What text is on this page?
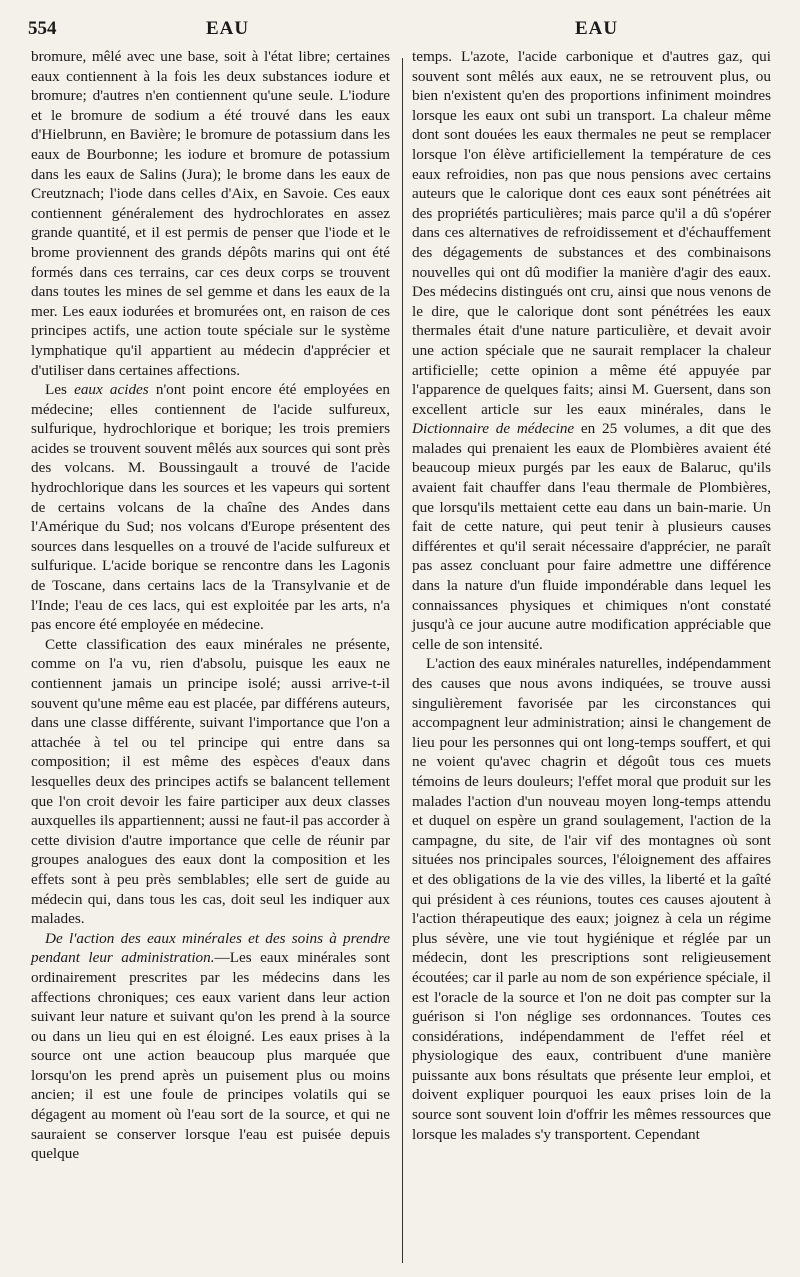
554	EAU	EAU

bromure, mêlé avec une base, soit à l'état libre; certaines eaux contiennent à la fois les deux substances iodure et bromure; d'autres n'en contiennent qu'une seule. L'iodure et le bromure de sodium a été trouvé dans les eaux d'Hielbrunn, en Bavière; le bromure de potassium dans les eaux de Bourbonne; les iodure et bromure de potassium dans les eaux de Salins (Jura); le brome dans les eaux de Creutznach; l'iode dans celles d'Aix, en Savoie. Ces eaux contiennent généralement des hydrochlorates en assez grande quantité, et il est permis de penser que l'iode et le brome proviennent des grands dépôts marins qui ont été formés dans ces terrains, car ces deux corps se trouvent dans toutes les mines de sel gemme et dans les eaux de la mer. Les eaux iodurées et bromurées ont, en raison de ces principes actifs, une action toute spéciale sur le système lymphatique qu'il appartient au médecin d'apprécier et d'utiliser dans certaines affections.

Les eaux acides n'ont point encore été employées en médecine; elles contiennent de l'acide sulfureux, sulfurique, hydrochlorique et borique; les trois premiers acides se trouvent souvent mêlés aux sources qui sont près des volcans. M. Boussingault a trouvé de l'acide hydrochlorique dans les sources et les vapeurs qui sortent de certains volcans de la chaîne des Andes dans l'Amérique du Sud; nos volcans d'Europe présentent des sources dans lesquelles on a trouvé de l'acide sulfureux et sulfurique. L'acide borique se rencontre dans les Lagonis de Toscane, dans certains lacs de la Transylvanie et de l'Inde; l'eau de ces lacs, qui est exploitée par les arts, n'a pas encore été employée en médecine.

Cette classification des eaux minérales ne présente, comme on l'a vu, rien d'absolu, puisque les eaux ne contiennent jamais un principe isolé; aussi arrive-t-il souvent qu'une même eau est placée, par différens auteurs, dans une classe différente, suivant l'importance que l'on a attachée à tel ou tel principe qui entre dans sa composition; il est même des espèces d'eaux dans lesquelles deux des principes actifs se balancent tellement que l'on croit devoir les faire participer aux deux classes auxquelles ils appartiennent; aussi ne faut-il pas accorder à cette division d'autre importance que celle de réunir par groupes analogues des eaux dont la composition et les effets sont à peu près semblables; elle sert de guide au médecin qui, dans tous les cas, doit seul les indiquer aux malades.

De l'action des eaux minérales et des soins à prendre pendant leur administration.—Les eaux minérales sont ordinairement prescrites par les médecins dans les affections chroniques; ces eaux varient dans leur action suivant leur nature et suivant qu'on les prend à la source ou dans un lieu qui en est éloigné. Les eaux prises à la source ont une action beaucoup plus marquée que lorsqu'on les prend après un puisement plus ou moins ancien; il est une foule de principes volatils qui se dégagent au moment où l'eau sort de la source, et qui ne sauraient se conserver lorsque l'eau est puisée depuis quelque

temps. L'azote, l'acide carbonique et d'autres gaz, qui souvent sont mêlés aux eaux, ne se retrouvent plus, ou bien n'existent qu'en des proportions infiniment moindres lorsque les eaux ont subi un transport. La chaleur même dont sont douées les eaux thermales ne peut se remplacer lorsque l'on élève artificiellement la température de ces eaux refroidies, non pas que nous pensions avec certains auteurs que le calorique dont ces eaux sont pénétrées ait des propriétés particulières; mais parce qu'il a dû s'opérer dans ces alternatives de refroidissement et d'échauffement des dégagements de substances et des combinaisons nouvelles qui ont dû modifier la manière d'agir des eaux. Des médecins distingués ont cru, ainsi que nous venons de le dire, que le calorique dont sont pénétrées les eaux thermales était d'une nature particulière, et devait avoir une action spéciale que ne saurait remplacer la chaleur artificielle; cette opinion a même été appuyée par l'apparence de quelques faits; ainsi M. Guersent, dans son excellent article sur les eaux minérales, dans le Dictionnaire de médecine en 25 volumes, a dit que des malades qui prenaient les eaux de Plombières avaient été beaucoup mieux purgés par les eaux de Balaruc, qu'ils avaient fait chauffer dans l'eau thermale de Plombières, que lorsqu'ils mettaient cette eau dans un bain-marie. Un fait de cette nature, qui peut tenir à plusieurs causes différentes et qu'il serait nécessaire d'apprécier, ne paraît pas assez concluant pour faire admettre une différence dans la nature d'un fluide impondérable dans lequel les connaissances physiques et chimiques n'ont constaté jusqu'à ce jour aucune autre modification appréciable que celle de son intensité.

L'action des eaux minérales naturelles, indépendamment des causes que nous avons indiquées, se trouve aussi singulièrement favorisée par les circonstances qui accompagnent leur administration; ainsi le changement de lieu pour les personnes qui ont long-temps souffert, et qui ne voient qu'avec chagrin et dégoût tous ces muets témoins de leurs douleurs; l'effet moral que produit sur les malades l'action d'un nouveau moyen long-temps attendu et duquel on espère un grand soulagement, l'action de la campagne, du site, de l'air vif des montagnes où sont situées nos principales sources, l'éloignement des affaires et des obligations de la vie des villes, la liberté et la gaîté qui président à ces réunions, toutes ces causes ajoutent à l'action thérapeutique des eaux; joignez à cela un régime plus sévère, une vie tout hygiénique et réglée par un médecin, dont les prescriptions sont religieusement écoutées; car il parle au nom de son expérience spéciale, il est l'oracle de la source et l'on ne doit pas compter sur la guérison si l'on néglige ses ordonnances. Toutes ces considérations, indépendamment de l'effet réel et physiologique des eaux, contribuent d'une manière puissante aux bons résultats que présente leur emploi, et doivent expliquer pourquoi les eaux prises loin de la source sont souvent loin d'offrir les mêmes ressources que lorsque les malades s'y transportent. Cependant
